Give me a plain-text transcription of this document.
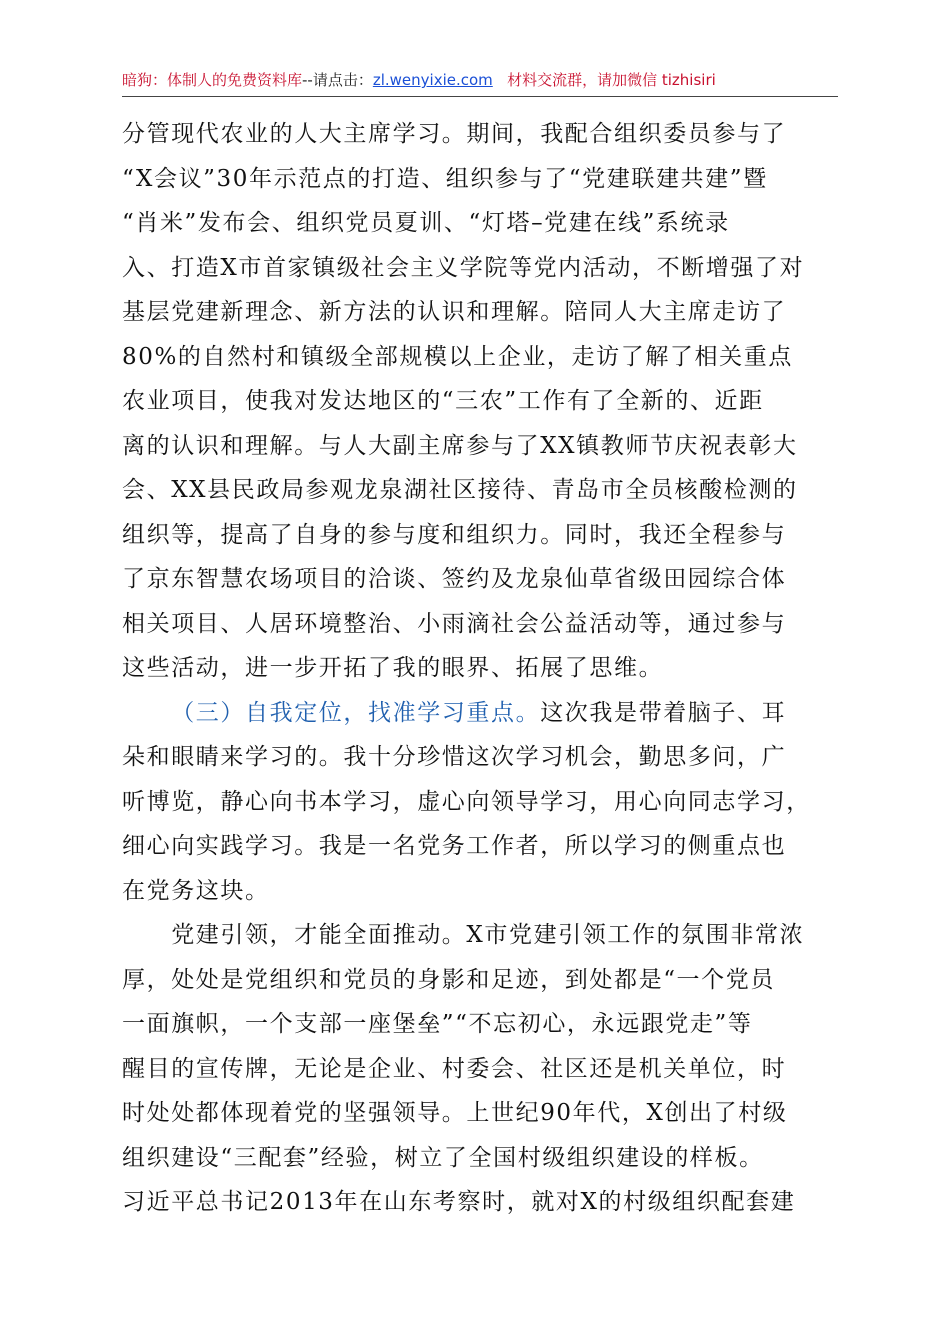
暗狗：体制人的免费资料库--请点击：zl.wenyixie.com 材料交流群，请加微信 tizhisiri
分管现代农业的人大主席学习。期间，我配合组织委员参与了
“X会议”30年示范点的打造、组织参与了“党建联建共建”暨
“肖米”发布会、组织党员夏训、“灯塔–党建在线”系统录
入、打造X市首家镇级社会主义学院等党内活动，不断增强了对
基层党建新理念、新方法的认识和理解。陪同人大主席走访了
80%的自然村和镇级全部规模以上企业，走访了解了相关重点
农业项目，使我对发达地区的“三农”工作有了全新的、近距
离的认识和理解。与人大副主席参与了XX镇教师节庆祝表彰大
会、XX县民政局参观龙泉湖社区接待、青岛市全员核酸检测的
组织等，提高了自身的参与度和组织力。同时，我还全程参与
了京东智慧农场项目的洽谈、签约及龙泉仙草省级田园综合体
相关项目、人居环境整治、小雨滴社会公益活动等，通过参与
这些活动，进一步开拓了我的眼界、拓展了思维。
  （三）自我定位，找准学习重点。这次我是带着脑子、耳
朵和眼睛来学习的。我十分珍惜这次学习机会，勤思多问，广
听博览，静心向书本学习，虚心向领导学习，用心向同志学习，
细心向实践学习。我是一名党务工作者，所以学习的侧重点也
在党务这块。
  党建引领，才能全面推动。X市党建引领工作的氛围非常浓
厚，处处是党组织和党员的身影和足迹，到处都是“一个党员
一面旗帜，一个支部一座堡垒”“不忘初心，永远跟党走”等
醒目的宣传牌，无论是企业、村委会、社区还是机关单位，时
时处处都体现着党的坚强领导。上世纪90年代，X创出了村级
组织建设“三配套”经验，树立了全国村级组织建设的样板。
习近平总书记2013年在山东考察时，就对X的村级组织配套建
